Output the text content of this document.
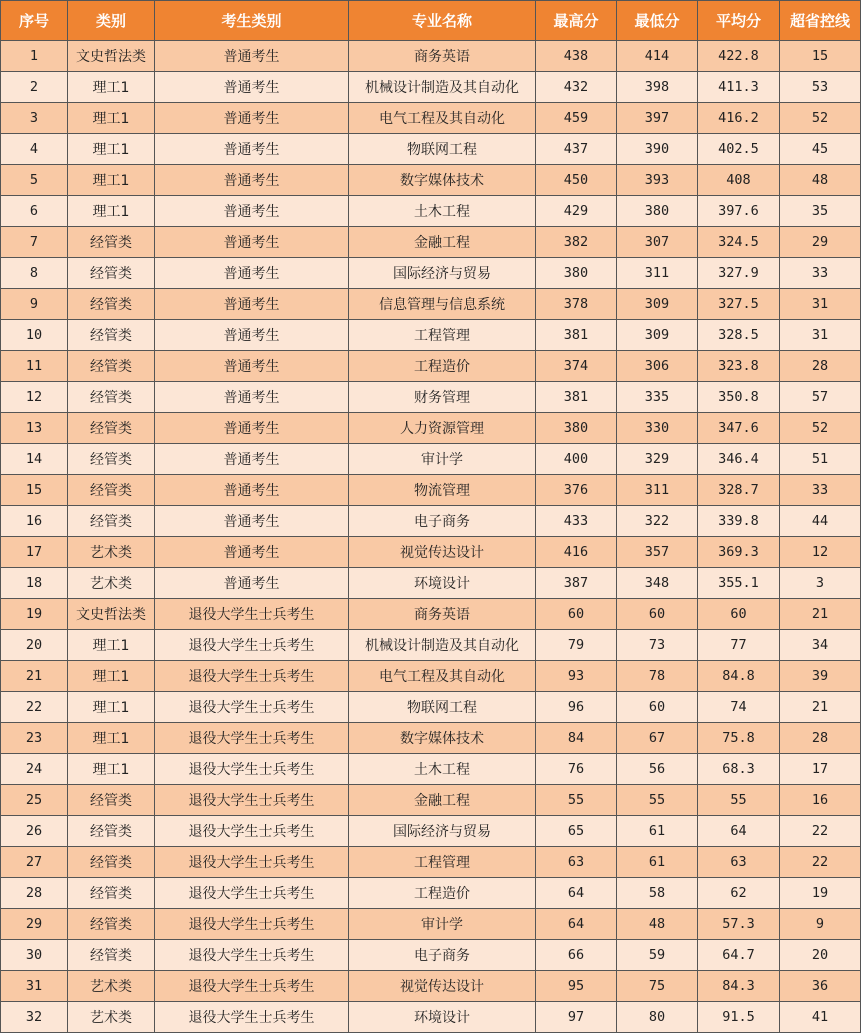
序号	类别	考生类别	专业名称	最高分	最低分	平均分	超省控线
1	文史哲法类	普通考生	商务英语	438	414	422.8	15
2	理工1	普通考生	机械设计制造及其自动化	432	398	411.3	53
3	理工1	普通考生	电气工程及其自动化	459	397	416.2	52
4	理工1	普通考生	物联网工程	437	390	402.5	45
5	理工1	普通考生	数字媒体技术	450	393	408	48
6	理工1	普通考生	土木工程	429	380	397.6	35
7	经管类	普通考生	金融工程	382	307	324.5	29
8	经管类	普通考生	国际经济与贸易	380	311	327.9	33
9	经管类	普通考生	信息管理与信息系统	378	309	327.5	31
10	经管类	普通考生	工程管理	381	309	328.5	31
11	经管类	普通考生	工程造价	374	306	323.8	28
12	经管类	普通考生	财务管理	381	335	350.8	57
13	经管类	普通考生	人力资源管理	380	330	347.6	52
14	经管类	普通考生	审计学	400	329	346.4	51
15	经管类	普通考生	物流管理	376	311	328.7	33
16	经管类	普通考生	电子商务	433	322	339.8	44
17	艺术类	普通考生	视觉传达设计	416	357	369.3	12
18	艺术类	普通考生	环境设计	387	348	355.1	3
19	文史哲法类	退役大学生士兵考生	商务英语	60	60	60	21
20	理工1	退役大学生士兵考生	机械设计制造及其自动化	79	73	77	34
21	理工1	退役大学生士兵考生	电气工程及其自动化	93	78	84.8	39
22	理工1	退役大学生士兵考生	物联网工程	96	60	74	21
23	理工1	退役大学生士兵考生	数字媒体技术	84	67	75.8	28
24	理工1	退役大学生士兵考生	土木工程	76	56	68.3	17
25	经管类	退役大学生士兵考生	金融工程	55	55	55	16
26	经管类	退役大学生士兵考生	国际经济与贸易	65	61	64	22
27	经管类	退役大学生士兵考生	工程管理	63	61	63	22
28	经管类	退役大学生士兵考生	工程造价	64	58	62	19
29	经管类	退役大学生士兵考生	审计学	64	48	57.3	9
30	经管类	退役大学生士兵考生	电子商务	66	59	64.7	20
31	艺术类	退役大学生士兵考生	视觉传达设计	95	75	84.3	36
32	艺术类	退役大学生士兵考生	环境设计	97	80	91.5	41
